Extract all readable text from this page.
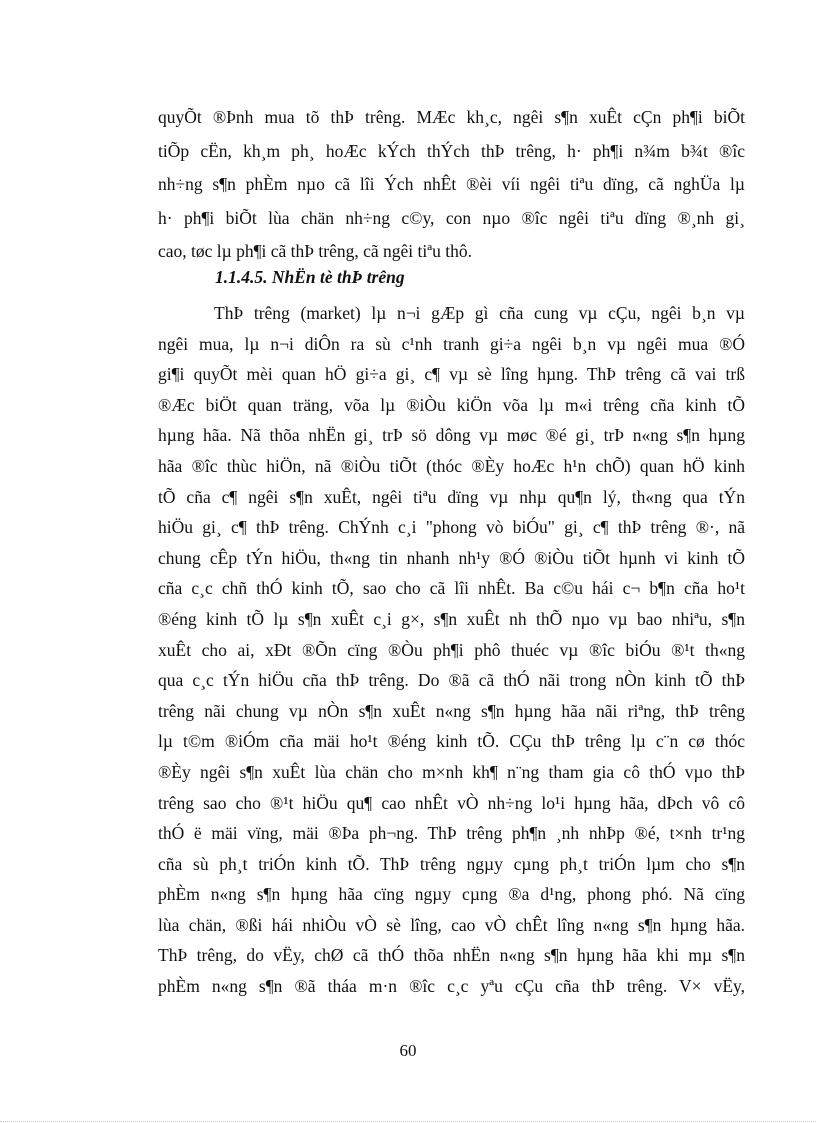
quyÕt ®Þnh mua tõ thÞ trêng. MÆc kh¸c, ngêi s¶n xuÊt cÇn ph¶i biÕt
tiÕp cËn, kh¸m ph¸ hoÆc kÝch thÝch thÞ trêng, h· ph¶i n¾m b¾t ®îc
nh÷ng s¶n phÈm nµo cã lîi Ých nhÊt ®èi víi ngêi tiªu dïng, cã nghÜa lµ
h· ph¶i biÕt lùa chän nh÷ng c©y, con nµo ®îc ngêi tiªu dïng ®¸nh gi¸
cao, tøc lµ ph¶i cã thÞ trêng, cã ngêi tiªu thô.
1.1.4.5. NhËn tè thÞ trêng
ThÞ trêng (market) lµ n¬i gÆp gì cña cung vµ cÇu, ngêi b¸n vµ
ngêi mua, lµ n¬i diÔn ra sù c¹nh tranh gi÷a ngêi b¸n vµ ngêi mua ®Ó
gi¶i quyÕt mèi quan hÖ gi÷a gi¸ c¶ vµ sè lîng hµng. ThÞ trêng cã vai trß
®Æc biÖt quan träng, võa lµ ®iÒu kiÖn võa lµ m«i trêng cña kinh tÕ
hµng hãa. Nã thõa nhËn gi¸ trÞ sö dông vµ møc ®é gi¸ trÞ n«ng s¶n hµng
hãa ®îc thùc hiÖn, nã ®iÒu tiÕt (thóc ®Èy hoÆc h¹n chÕ) quan hÖ kinh
tÕ cña c¶ ngêi s¶n xuÊt, ngêi tiªu dïng vµ nhµ qu¶n lý, th«ng qua tÝn
hiÖu gi¸ c¶ thÞ trêng. ChÝnh c¸i "phong vò biÓu" gi¸ c¶ thÞ trêng ®·, nã
chung cÊp tÝn hiÖu, th«ng tin nhanh nh¹y ®Ó ®iÒu tiÕt hµnh vi kinh tÕ
cña c¸c chñ thÓ kinh tÕ, sao cho cã lîi nhÊt. Ba c©u hái c¬ b¶n cña ho¹t
®éng kinh tÕ lµ s¶n xuÊt c¸i g×, s¶n xuÊt nh thÕ nµo vµ bao nhiªu, s¶n
xuÊt cho ai, xÐt ®Õn cïng ®Òu ph¶i phô thuéc vµ ®îc biÓu ®¹t th«ng
qua c¸c tÝn hiÖu cña thÞ trêng. Do ®ã cã thÓ nãi trong nÒn kinh tÕ thÞ
trêng nãi chung vµ nÒn s¶n xuÊt n«ng s¶n hµng hãa nãi riªng, thÞ trêng
lµ t©m ®iÓm cña mäi ho¹t ®éng kinh tÕ. CÇu thÞ trêng lµ c¨n cø thóc
®Èy ngêi s¶n xuÊt lùa chän cho m×nh kh¶ n¨ng tham gia cô thÓ vµo thÞ
trêng sao cho ®¹t hiÖu qu¶ cao nhÊt vÒ nh÷ng lo¹i hµng hãa, dÞch vô cô
thÓ ë mäi vïng, mäi ®Þa ph¬ng. ThÞ trêng ph¶n ¸nh nhÞp ®é, t×nh tr¹ng
cña sù ph¸t triÓn kinh tÕ. ThÞ trêng ngµy cµng ph¸t triÓn lµm cho s¶n
phÈm n«ng s¶n hµng hãa cïng ngµy cµng ®a d¹ng, phong phó. Nã cïng
lùa chän, ®ßi hái nhiÒu vÒ sè lîng, cao vÒ chÊt lîng n«ng s¶n hµng hãa.
ThÞ trêng, do vËy, chØ cã thÓ thõa nhËn n«ng s¶n hµng hãa khi mµ s¶n
phÈm n«ng s¶n ®ã tháa m·n ®îc c¸c yªu cÇu cña thÞ trêng. V× vËy,
60
